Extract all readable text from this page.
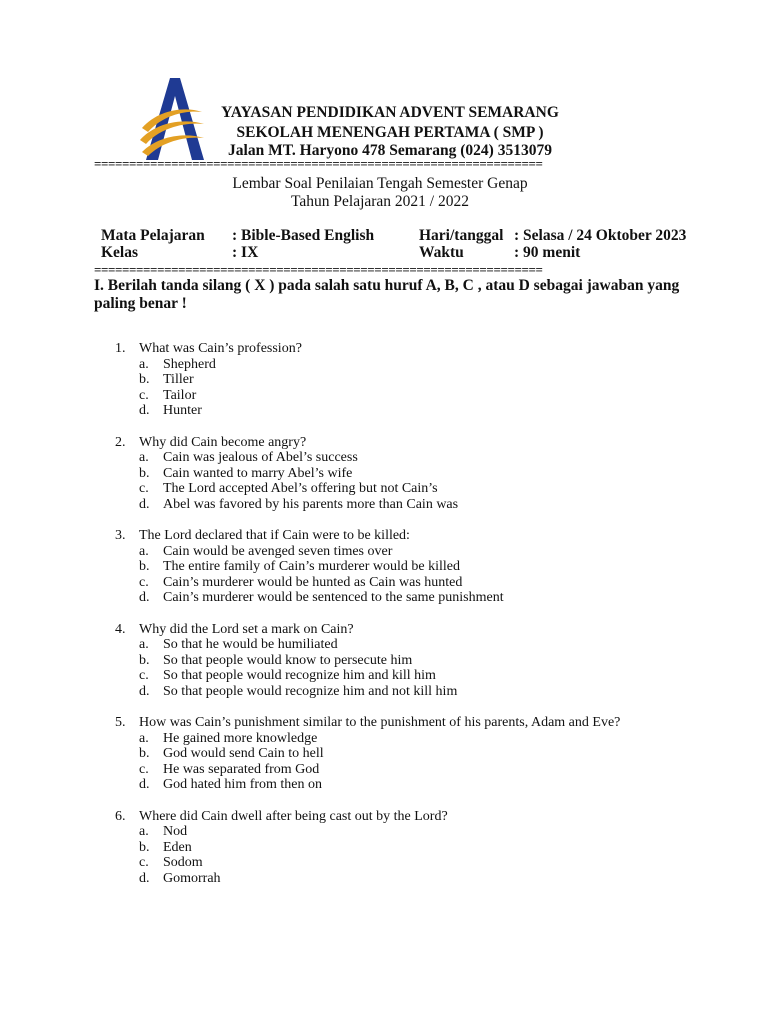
YAYASAN PENDIDIKAN ADVENT SEMARANG
SEKOLAH MENENGAH PERTAMA ( SMP )
Jalan MT. Haryono 478 Semarang (024) 3513079
================================================================
Lembar Soal Penilaian Tengah Semester Genap
Tahun Pelajaran 2021 / 2022
Mata Pelajaran : Bible-Based English	Hari/tanggal : Selasa / 24 Oktober 2023
Kelas	: IX	Waktu	: 90 menit
================================================================
I. Berilah tanda silang ( X ) pada salah satu huruf A, B, C , atau D sebagai jawaban yang paling benar !
1. What was Cain’s profession?
a. Shepherd
b. Tiller
c. Tailor
d. Hunter
2. Why did Cain become angry?
a. Cain was jealous of Abel’s success
b. Cain wanted to marry Abel’s wife
c. The Lord accepted Abel’s offering but not Cain’s
d. Abel was favored by his parents more than Cain was
3. The Lord declared that if Cain were to be killed:
a. Cain would be avenged seven times over
b. The entire family of Cain’s murderer would be killed
c. Cain’s murderer would be hunted as Cain was hunted
d. Cain’s murderer would be sentenced to the same punishment
4. Why did the Lord set a mark on Cain?
a. So that he would be humiliated
b. So that people would know to persecute him
c. So that people would recognize him and kill him
d. So that people would recognize him and not kill him
5. How was Cain’s punishment similar to the punishment of his parents, Adam and Eve?
a. He gained more knowledge
b. God would send Cain to hell
c. He was separated from God
d. God hated him from then on
6. Where did Cain dwell after being cast out by the Lord?
a. Nod
b. Eden
c. Sodom
d. Gomorrah
